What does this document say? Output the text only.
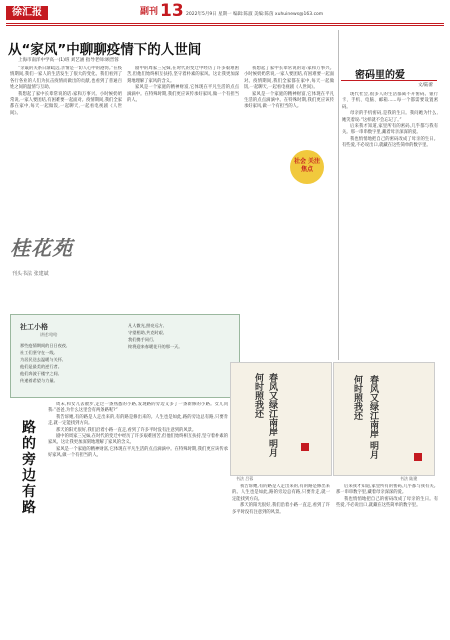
徐汇报	副刊 13 2022年5月9日 星期一 编辑:陈淑 美编:陈茵 xuhuinews@163.com
从“家风”中聊聊疫情下的人世间
上海市南洋中学高一(1)班 刘艺涵 指导老师:顾晋蓉

“亲戚的关系日渐疏远,亲情是一切人心中的港湾。”在疫情期间,我们一家人的生活发生了很大的变化。我们看到了各行各业的人们为抗击疫情而做出的贡献,也看到了普通百姓之间的温情与互助。

我想起了家中长辈常说的话:家和万事兴。小时候奶奶常说,一家人要团结,有困难要一起面对。疫情期间,我们全家都在家中,每天一起做饭,一起聊天,一起看电视剧《人世间》。

剧中的周家三兄妹,在时代的变迁中经历了许多艰难困苦,但他们始终相互扶持,坚守着朴素的家风。这让我更加深刻地理解了家风的含义。

家风是一个家庭的精神财富,它体现在平凡生活的点点滴滴中。在特殊时期,我们更应该传承好家风,做一个有担当的人。

我想起了家中长辈常说的话:家和万事兴。小时候奶奶常说,一家人要团结,有困难要一起面对。疫情期间,我们全家都在家中,每天一起做饭,一起聊天,一起看电视剧《人世间》。

家风是一个家庭的精神财富,它体现在平凡生活的点点滴滴中。在特殊时期,我们更应该传承好家风,做一个有担当的人。

社会 关注 焦点
桂花苑
刊头书法 张建斌
社工小格
讲述:哈哈
那些疫情期间的日日夜夜,
社工们坚守在一线,
为居民送去温暖与关怀,
他们是最美的逆行者。
他们奔波于楼宇之间,
传递着希望与力量。
凡人微光,照亮远方,
守望相助,共克时艰,
我们携手同行,
终将迎来春暖花开的那一天。
路的旁边有路

周末,和女儿去散步,走过一条熟悉的小路,发现路的旁边又多了一条新修的小路。女儿问我:“爸爸,为什么这里会有两条路呢?”

我告诉她,有的路是人走出来的,有的路是修出来的。人生也是如此,路的旁边总有路,只要肯走,就一定能找到方向。

那天的阳光很好,我们沿着小路一直走,看到了许多平时没有注意到的风景。

剧中的周家三兄妹,在时代的变迁中经历了许多艰难困苦,但他们始终相互扶持,坚守着朴素的家风。这让我更加深刻地理解了家风的含义。

家风是一个家庭的精神财富,它体现在平凡生活的点点滴滴中。在特殊时期,我们更应该传承好家风,做一个有担当的人。	春风又绿江南岸 明月何时照我还
书法 吕蓉
春风又绿江南岸 明月何时照我还
书法 陆建

我告诉她,有的路是人走出来的,有的路是修出来的。人生也是如此,路的旁边总有路,只要肯走,就一定能找到方向。

那天的阳光很好,我们沿着小路一直走,看到了许多平时没有注意到的风景。

密码里的爱
文/陆蕾

现代社会,很多人的生活都离不开密码。银行卡、手机、电脑、邮箱……每一个都需要设置密码。

母亲的手机密码,是我的生日。我问她为什么,她笑着说:“这样就不会忘记了。”

后来我才知道,家里所有的密码,几乎都与我有关。那一串串数字里,藏着母亲深深的爱。

我也悄悄地把自己的密码改成了母亲的生日。有些爱,不必说出口,就藏在这些简单的数字里。

后来我才知道,家里所有的密码,几乎都与我有关。那一串串数字里,藏着母亲深深的爱。

我也悄悄地把自己的密码改成了母亲的生日。有些爱,不必说出口,就藏在这些简单的数字里。
